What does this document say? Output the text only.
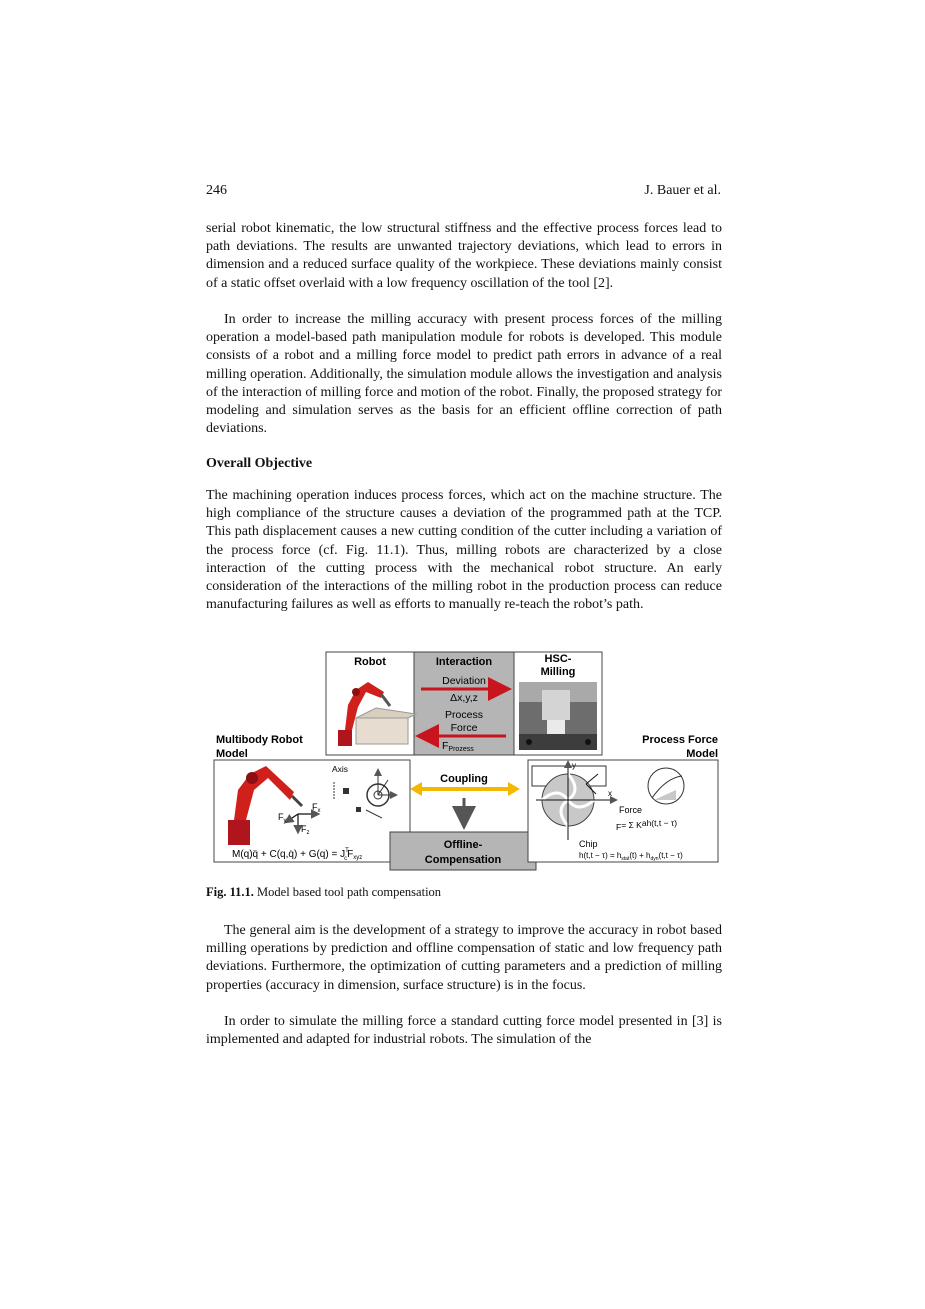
246	J. Bauer et al.

serial robot kinematic, the low structural stiffness and the effective process forces lead to path deviations. The results are unwanted trajectory deviations, which lead to errors in dimension and a reduced surface quality of the workpiece. These deviations mainly consist of a static offset overlaid with a low frequency oscillation of the tool [2].

In order to increase the milling accuracy with present process forces of the milling operation a model-based path manipulation module for robots is developed. This module consists of a robot and a milling force model to predict path errors in advance of a real milling operation. Additionally, the simulation module allows the investigation and analysis of the interaction of milling force and motion of the robot. Finally, the proposed strategy for modeling and simulation serves as the basis for an efficient offline correction of path deviations.

Overall Objective

The machining operation induces process forces, which act on the machine structure. The high compliance of the structure causes a deviation of the programmed path at the TCP. This path displacement causes a new cutting condition of the cutter including a variation of the process force (cf. Fig. 11.1). Thus, milling robots are characterized by a close interaction of the cutting process with the mechanical robot structure. An early consideration of the interactions of the milling robot in the production process can reduce manufacturing failures as well as efforts to manually re-teach the robot’s path.

Robot	Interaction	HSC-
Milling
Deviation
Δx,y,z
Process
Force
FProzess
Multibody Robot
Model
Process Force
Model
$F_x$
$F_y$
$F_z$
Axis
M(q)q̈ + C(q,q̇) + $G(q) = J^T$ $cF_{xyz}$
Coupling
Offline-
Compensation
y
x
Force
Chip
F= Σ Kah(t,t − τ)
$h(t,t - \tau) = h_{stat}(t) + h_{dyn}(t,t - \tau)$
Fig. 11.1. Model based tool path compensation

The general aim is the development of a strategy to improve the accuracy in robot based milling operations by prediction and offline compensation of static and low frequency path deviations. Furthermore, the optimization of cutting parameters and a prediction of milling properties (accuracy in dimension, surface structure) is in the focus.

In order to simulate the milling force a standard cutting force model presented in [3] is implemented and adapted for industrial robots. The simulation of the
